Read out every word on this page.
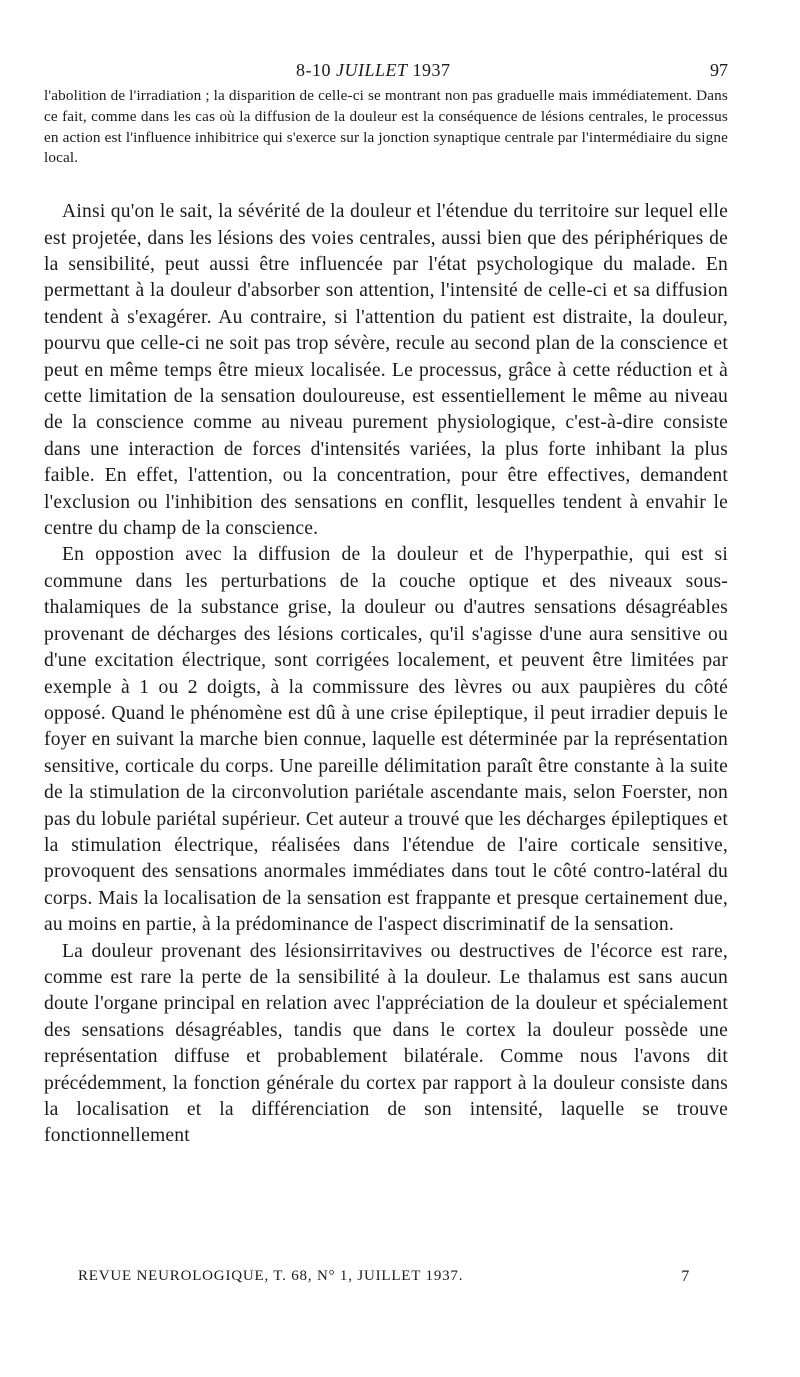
8-10 JUILLET 1937	97

l'abolition de l'irradiation ; la disparition de celle-ci se montrant non pas graduelle mais immédiatement. Dans ce fait, comme dans les cas où la diffusion de la douleur est la conséquence de lésions centrales, le processus en action est l'influence inhibitrice qui s'exerce sur la jonction synaptique centrale par l'intermédiaire du signe local.

Ainsi qu'on le sait, la sévérité de la douleur et l'étendue du territoire sur lequel elle est projetée, dans les lésions des voies centrales, aussi bien que des périphériques de la sensibilité, peut aussi être influencée par l'état psychologique du malade. En permettant à la douleur d'absorber son attention, l'intensité de celle-ci et sa diffusion tendent à s'exagérer. Au contraire, si l'attention du patient est distraite, la douleur, pourvu que celle-ci ne soit pas trop sévère, recule au second plan de la conscience et peut en même temps être mieux localisée. Le processus, grâce à cette réduction et à cette limitation de la sensation douloureuse, est essentiellement le même au niveau de la conscience comme au niveau purement physiologique, c'est-à-dire consiste dans une interaction de forces d'intensités variées, la plus forte inhibant la plus faible. En effet, l'attention, ou la concentration, pour être effectives, demandent l'exclusion ou l'inhibition des sensations en conflit, lesquelles tendent à envahir le centre du champ de la conscience.

En oppostion avec la diffusion de la douleur et de l'hyperpathie, qui est si commune dans les perturbations de la couche optique et des niveaux sous-thalamiques de la substance grise, la douleur ou d'autres sensations désagréables provenant de décharges des lésions corticales, qu'il s'agisse d'une aura sensitive ou d'une excitation électrique, sont corrigées localement, et peuvent être limitées par exemple à 1 ou 2 doigts, à la commissure des lèvres ou aux paupières du côté opposé. Quand le phénomène est dû à une crise épileptique, il peut irradier depuis le foyer en suivant la marche bien connue, laquelle est déterminée par la représentation sensitive, corticale du corps. Une pareille délimitation paraît être constante à la suite de la stimulation de la circonvolution pariétale ascendante mais, selon Foerster, non pas du lobule pariétal supérieur. Cet auteur a trouvé que les décharges épileptiques et la stimulation électrique, réalisées dans l'étendue de l'aire corticale sensitive, provoquent des sensations anormales immédiates dans tout le côté contro-latéral du corps. Mais la localisation de la sensation est frappante et presque certainement due, au moins en partie, à la prédominance de l'aspect discriminatif de la sensation.

La douleur provenant des lésionsirritavives ou destructives de l'écorce est rare, comme est rare la perte de la sensibilité à la douleur. Le thalamus est sans aucun doute l'organe principal en relation avec l'appréciation de la douleur et spécialement des sensations désagréables, tandis que dans le cortex la douleur possède une représentation diffuse et probablement bilatérale. Comme nous l'avons dit précédemment, la fonction générale du cortex par rapport à la douleur consiste dans la localisation et la différenciation de son intensité, laquelle se trouve fonctionnellement

REVUE NEUROLOGIQUE, T. 68, N° 1, JUILLET 1937.	7
